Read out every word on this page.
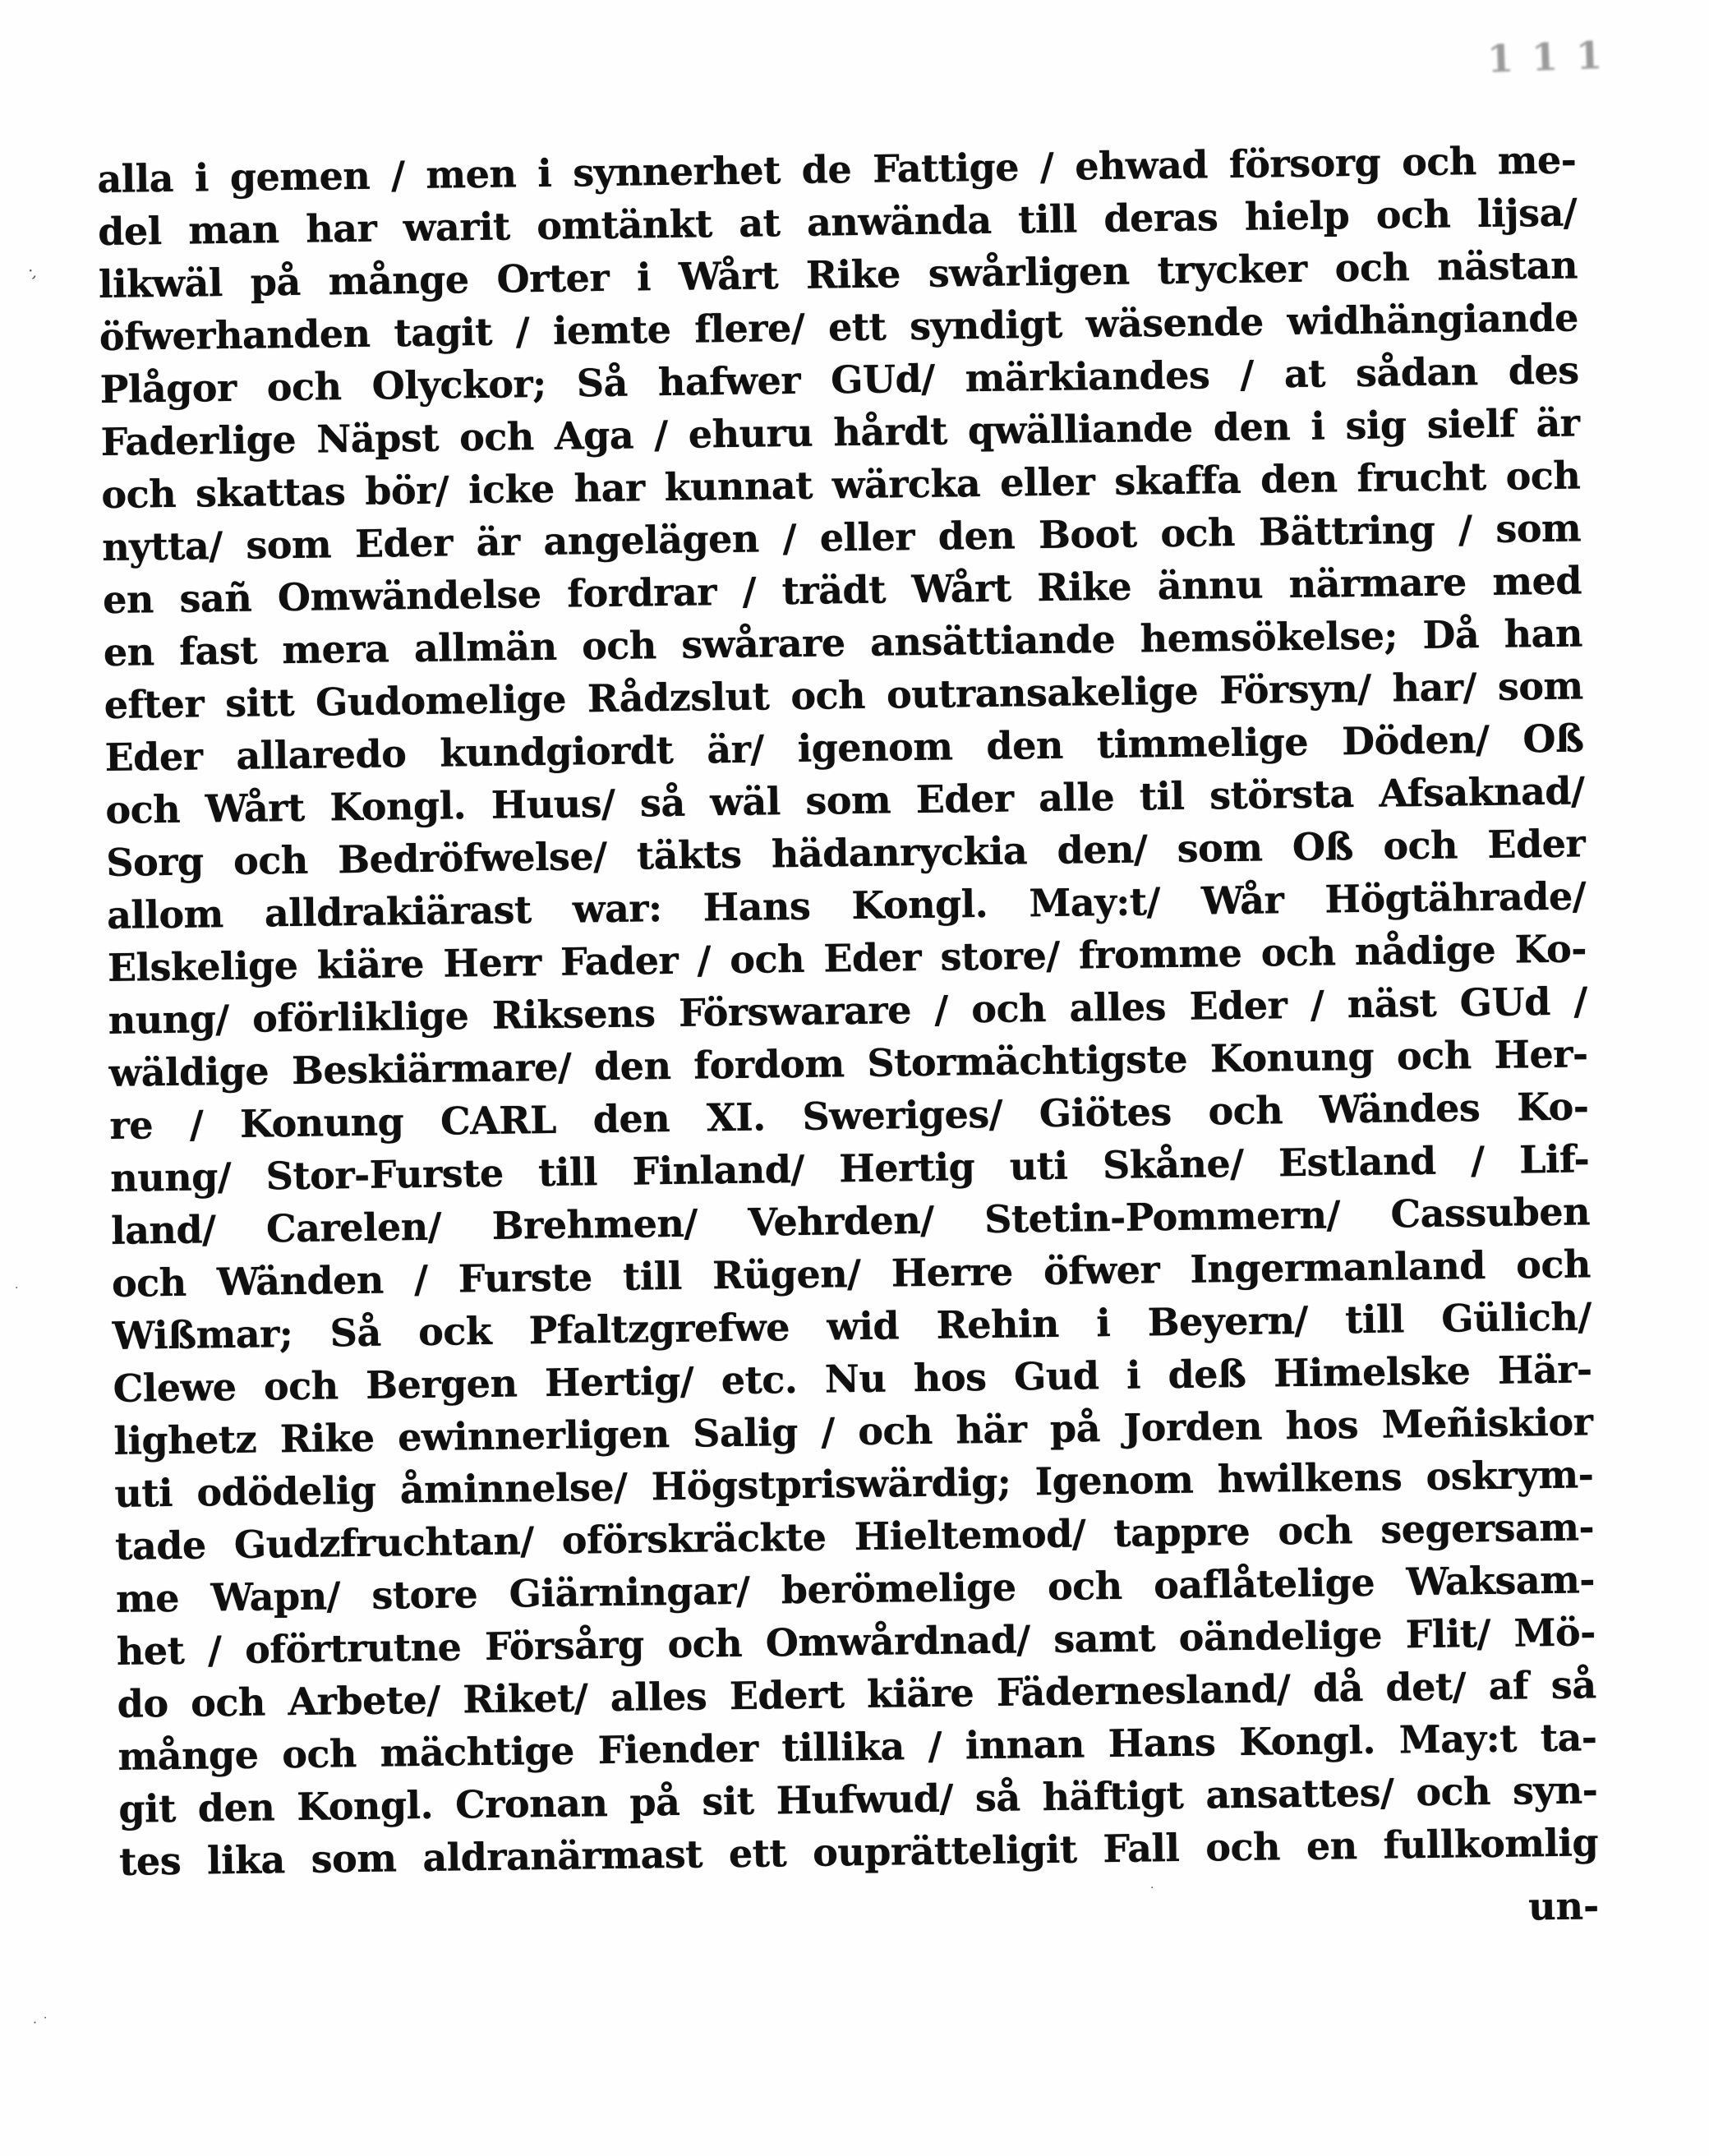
111
alla i gemen / men i synnerhet de Fattige / ehwad försorg och me-
del man har warit omtänkt at anwända till deras hielp och lijsa/
likwäl på månge Orter i Wårt Rike swårligen trycker och nästan
öfwerhanden tagit / iemte flere/ ett syndigt wäsende widhängiande
Plågor och Olyckor; Så hafwer GUd/ märkiandes / at sådan des
Faderlige Näpst och Aga / ehuru hårdt qwälliande den i sig sielf är
och skattas bör/ icke har kunnat wärcka eller skaffa den frucht och
nytta/ som Eder är angelägen / eller den Boot och Bättring / som
en sañ Omwändelse fordrar / trädt Wårt Rike ännu närmare med
en fast mera allmän och swårare ansättiande hemsökelse; Då han
efter sitt Gudomelige Rådzslut och outransakelige Försyn/ har/ som
Eder allaredo kundgiordt är/ igenom den timmelige Döden/ Oß
och Wårt Kongl. Huus/ så wäl som Eder alle til största Afsaknad/
Sorg och Bedröfwelse/ täkts hädanryckia den/ som Oß och Eder
allom alldrakiärast war: Hans Kongl. May:t/ Wår Högtährade/
Elskelige kiäre Herr Fader / och Eder store/ fromme och nådige Ko-
nung/ oförliklige Riksens Förswarare / och alles Eder / näst GUd /
wäldige Beskiärmare/ den fordom Stormächtigste Konung och Her-
re / Konung CARL den XI. Sweriges/ Giötes och Wändes Ko-
nung/ Stor-Furste till Finland/ Hertig uti Skåne/ Estland / Lif-
land/ Carelen/ Brehmen/ Vehrden/ Stetin-Pommern/ Cassuben
och Wänden / Furste till Rügen/ Herre öfwer Ingermanland och
Wißmar; Så ock Pfaltzgrefwe wid Rehin i Beyern/ till Gülich/
Clewe och Bergen Hertig/ etc. Nu hos Gud i deß Himelske Här-
lighetz Rike ewinnerligen Salig / och här på Jorden hos Meñiskior
uti odödelig åminnelse/ Högstpriswärdig; Igenom hwilkens oskrym-
tade Gudzfruchtan/ oförskräckte Hieltemod/ tappre och segersam-
me Wapn/ store Giärningar/ berömelige och oaflåtelige Waksam-
het / oförtrutne Försårg och Omwårdnad/ samt oändelige Flit/ Mö-
do och Arbete/ Riket/ alles Edert kiäre Fädernesland/ då det/ af så
månge och mächtige Fiender tillika / innan Hans Kongl. May:t ta-
git den Kongl. Cronan på sit Hufwud/ så häftigt ansattes/ och syn-
tes lika som aldranärmast ett ouprätteligit Fall och en fullkomlig
un-
·‚
·
·˙
·
